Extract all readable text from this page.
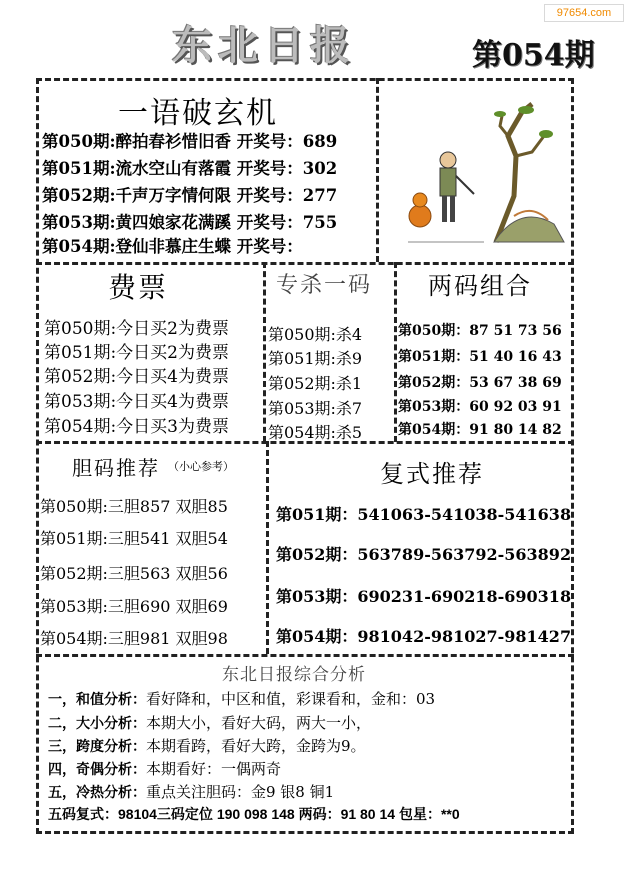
97654.com
东北日报	第054期
一语破玄机
第050期:醉拍春衫惜旧香 开奖号：689
第051期:流水空山有落霞 开奖号：302
第052期:千声万字情何限 开奖号：277
第053期:黄四娘家花满蹊 开奖号：755
第054期:登仙非慕庄生蝶 开奖号：
费票
第050期:今日买2为费票
第051期:今日买2为费票
第052期:今日买4为费票
第053期:今日买4为费票
第054期:今日买3为费票
专杀一码
第050期:杀4
第051期:杀9
第052期:杀1
第053期:杀7
第054期:杀5
两码组合
第050期：87 51 73 56
第051期：51 40 16 43
第052期：53 67 38 69
第053期：60 92 03 91
第054期：91 80 14 82
胆码推荐 （小心参考）
第050期:三胆857 双胆85
第051期:三胆541 双胆54
第052期:三胆563 双胆56
第053期:三胆690 双胆69
第054期:三胆981 双胆98
复式推荐
第051期：541063-541038-541638
第052期：563789-563792-563892
第053期：690231-690218-690318
第054期：981042-981027-981427
东北日报综合分析
一，和值分析：看好降和，中区和值，彩课看和，金和：03
二，大小分析：本期大小，看好大码，两大一小，
三，跨度分析：本期看跨，看好大跨，金跨为9。
四，奇偶分析：本期看好：一偶两奇
五，冷热分析：重点关注胆码：金9 银8 铜1
五码复式：98104三码定位 190 098 148 两码：91 80 14 包星：**0
